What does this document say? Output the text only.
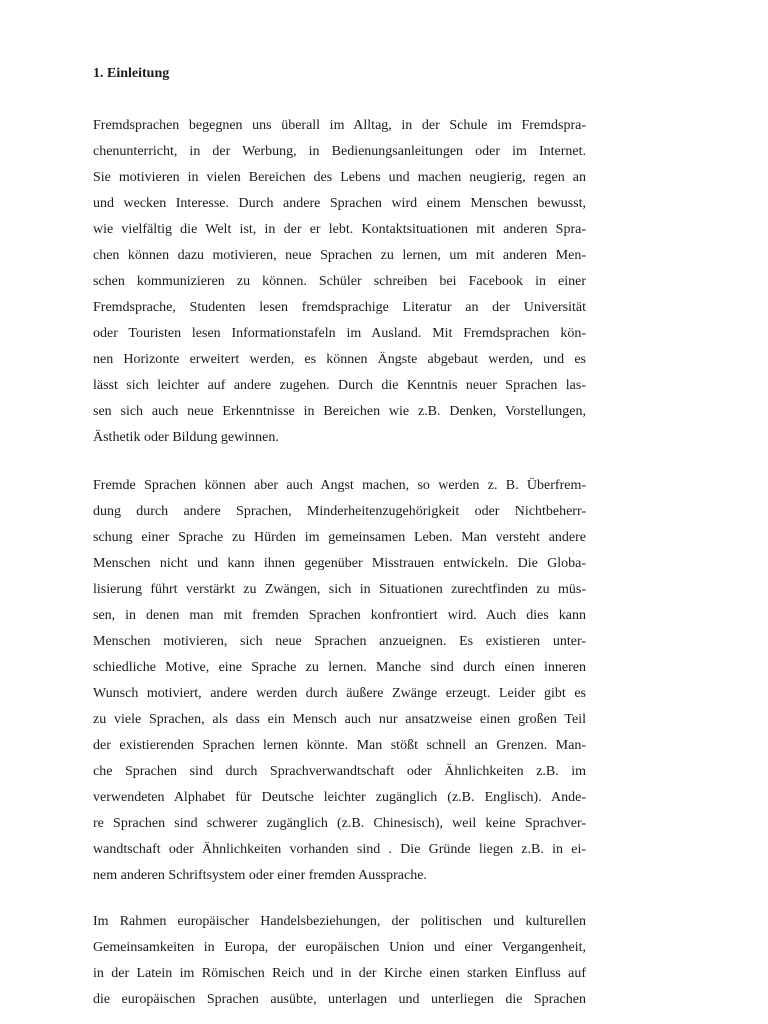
1. Einleitung
Fremdsprachen begegnen uns überall im Alltag, in der Schule im Fremdspra-
chenunterricht, in der Werbung, in Bedienungsanleitungen oder im Internet.
Sie motivieren in vielen Bereichen des Lebens und machen neugierig, regen an
und wecken Interesse. Durch andere Sprachen wird einem Menschen bewusst,
wie vielfältig die Welt ist, in der er lebt. Kontaktsituationen mit anderen Spra-
chen können dazu motivieren, neue Sprachen zu lernen, um mit anderen Men-
schen kommunizieren zu können. Schüler schreiben bei Facebook in einer
Fremdsprache, Studenten lesen fremdsprachige Literatur an der Universität
oder Touristen lesen Informationstafeln im Ausland. Mit Fremdsprachen kön-
nen Horizonte erweitert werden, es können Ängste abgebaut werden, und es
lässt sich leichter auf andere zugehen. Durch die Kenntnis neuer Sprachen las-
sen sich auch neue Erkenntnisse in Bereichen wie z.B. Denken, Vorstellungen,
Ästhetik oder Bildung gewinnen.
Fremde Sprachen können aber auch Angst machen, so werden z. B. Überfrem-
dung durch andere Sprachen, Minderheitenzugehörigkeit oder Nichtbeherr-
schung einer Sprache zu Hürden im gemeinsamen Leben. Man versteht andere
Menschen nicht und kann ihnen gegenüber Misstrauen entwickeln. Die Globa-
lisierung führt verstärkt zu Zwängen, sich in Situationen zurechtfinden zu müs-
sen, in denen man mit fremden Sprachen konfrontiert wird. Auch dies kann
Menschen motivieren, sich neue Sprachen anzueignen. Es existieren unter-
schiedliche Motive, eine Sprache zu lernen. Manche sind durch einen inneren
Wunsch motiviert, andere werden durch äußere Zwänge erzeugt. Leider gibt es
zu viele Sprachen, als dass ein Mensch auch nur ansatzweise einen großen Teil
der existierenden Sprachen lernen könnte. Man stößt schnell an Grenzen. Man-
che Sprachen sind durch Sprachverwandtschaft oder Ähnlichkeiten z.B. im
verwendeten Alphabet für Deutsche leichter zugänglich (z.B. Englisch). Ande-
re Sprachen sind schwerer zugänglich (z.B. Chinesisch), weil keine Sprachver-
wandtschaft oder Ähnlichkeiten vorhanden sind . Die Gründe liegen z.B. in ei-
nem anderen Schriftsystem oder einer fremden Aussprache.
Im Rahmen europäischer Handelsbeziehungen, der politischen und kulturellen
Gemeinsamkeiten in Europa, der europäischen Union und einer Vergangenheit,
in der Latein im Römischen Reich und in der Kirche einen starken Einfluss auf
die europäischen Sprachen ausübte, unterlagen und unterliegen die Sprachen
